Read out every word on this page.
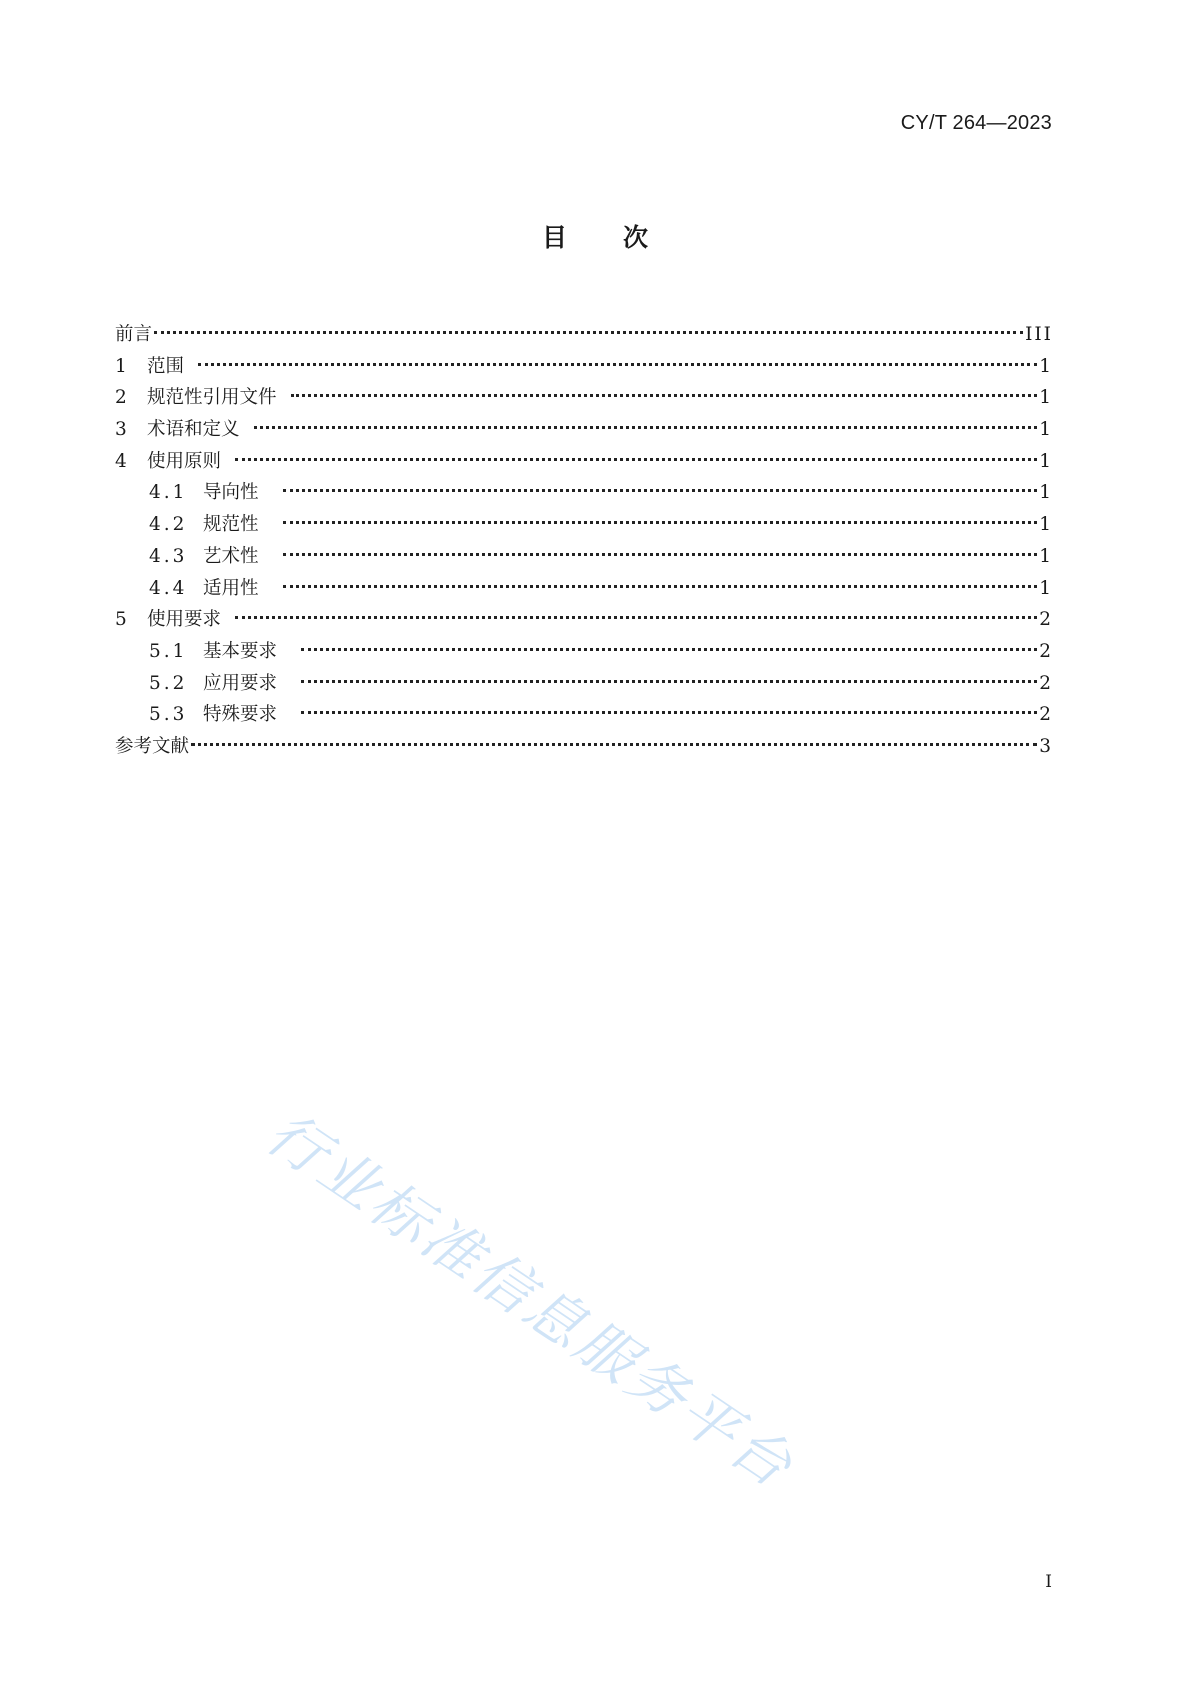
CY/T 264—2023
目 次
前言	III
1 范围	1
2 规范性引用文件	1
3 术语和定义	1
4 使用原则	1
4.1 导向性	1
4.2 规范性	1
4.3 艺术性	1
4.4 适用性	1
5 使用要求	2
5.1 基本要求	2
5.2 应用要求	2
5.3 特殊要求	2
参考文献	3
行业标准信息服务平台
I
